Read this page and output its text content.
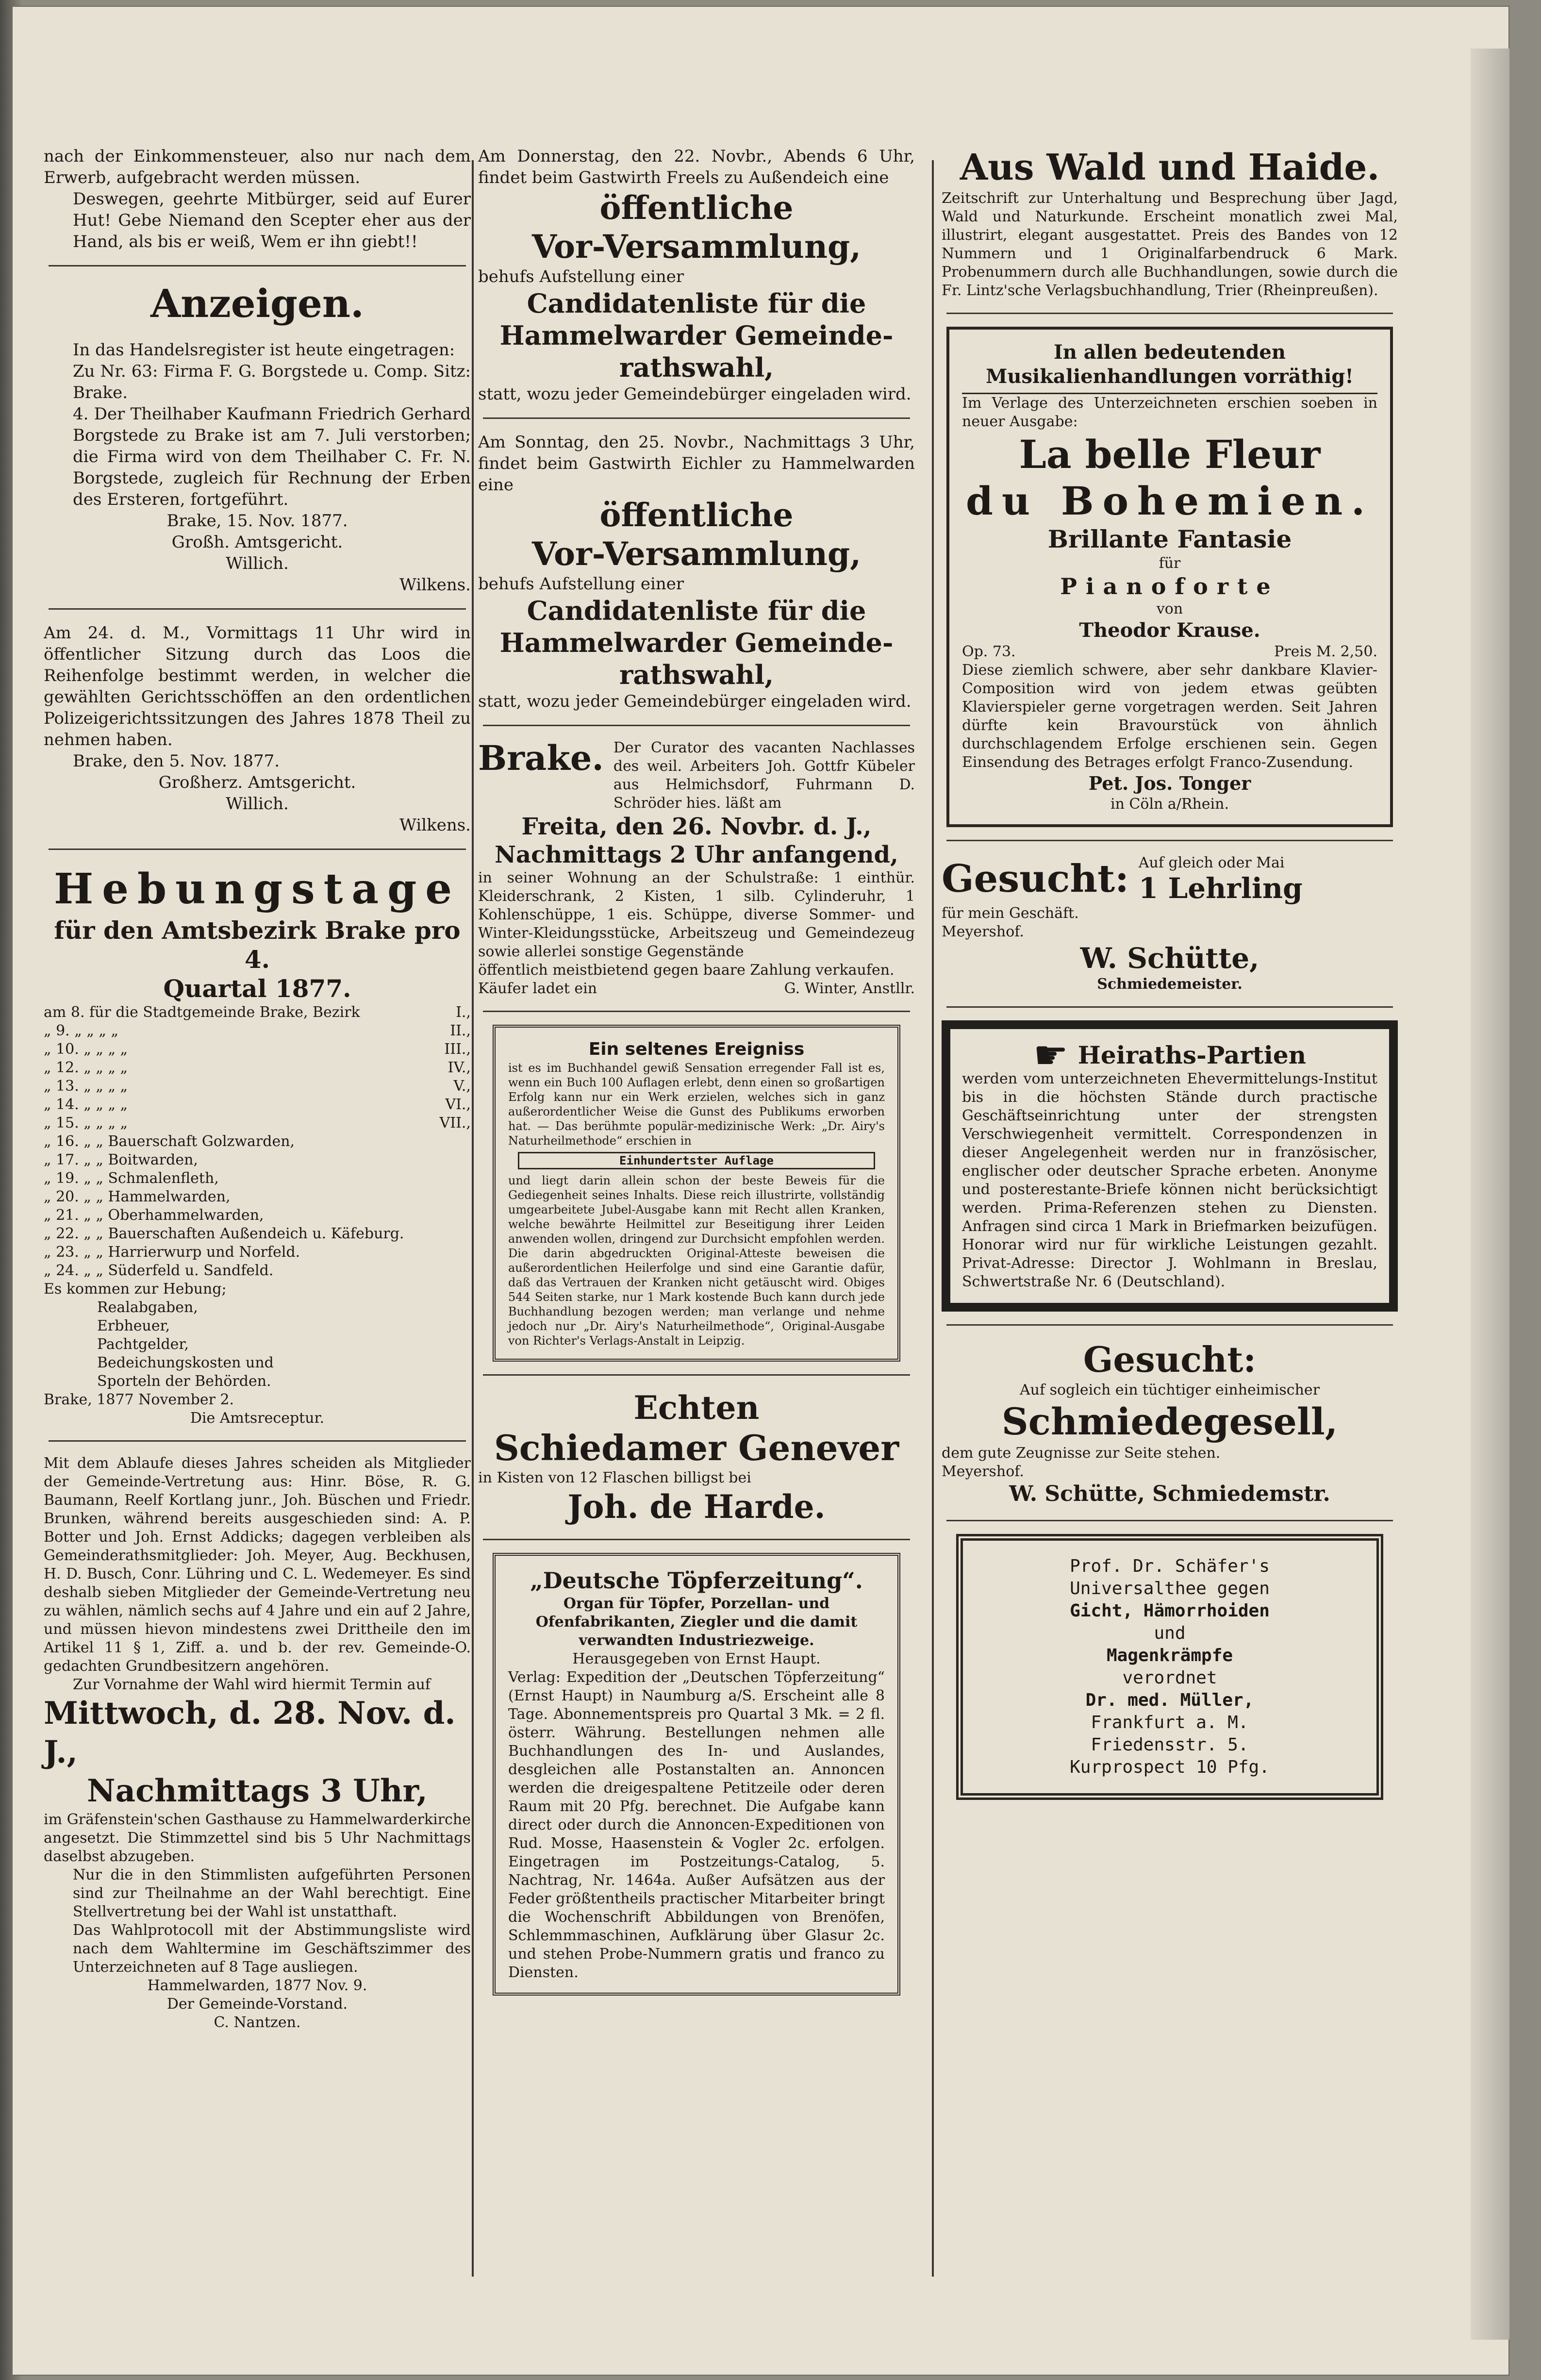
nach der Einkommensteuer, also nur nach dem Erwerb, aufgebracht werden müssen.

Deswegen, geehrte Mitbürger, seid auf Eurer Hut! Gebe Niemand den Scepter eher aus der Hand, als bis er weiß, Wem er ihn giebt!!

Anzeigen.

In das Handelsregister ist heute eingetragen:

Zu Nr. 63: Firma F. G. Borgstede u. Comp. Sitz: Brake.

4. Der Theilhaber Kaufmann Friedrich Gerhard Borgstede zu Brake ist am 7. Juli verstorben; die Firma wird von dem Theilhaber C. Fr. N. Borgstede, zugleich für Rechnung der Erben des Ersteren, fortgeführt.

Brake, 15. Nov. 1877.

Großh. Amtsgericht.

Willich.

Wilkens.

Am 24. d. M., Vormittags 11 Uhr wird in öffentlicher Sitzung durch das Loos die Reihenfolge bestimmt werden, in welcher die gewählten Gerichtsschöffen an den ordentlichen Polizeigerichtssitzungen des Jahres 1878 Theil zu nehmen haben.

Brake, den 5. Nov. 1877.

Großherz. Amtsgericht.

Willich.

Wilkens.

Hebungstage
für den Amtsbezirk Brake pro 4.
Quartal 1877.
am 8. für die Stadtgemeinde Brake, Bezirk	I.,
„ 9. „ „ „ „	II.,
„ 10. „ „ „ „	III.,
„ 12. „ „ „ „	IV.,
„ 13. „ „ „ „	V.,
„ 14. „ „ „ „	VI.,
„ 15. „ „ „ „	VII.,
„ 16. „ „ Bauerschaft Golzwarden,
„ 17. „ „ Boitwarden,
„ 19. „ „ Schmalenfleth,
„ 20. „ „ Hammelwarden,
„ 21. „ „ Oberhammelwarden,
„ 22. „ „ Bauerschaften Außendeich u. Käfeburg.
„ 23. „ „ Harrierwurp und Norfeld.
„ 24. „ „ Süderfeld u. Sandfeld.

Es kommen zur Hebung;

Realabgaben,
Erbheuer,
Pachtgelder,
Bedeichungskosten und
Sporteln der Behörden.

Brake, 1877 November 2.

Die Amtsreceptur.

Mit dem Ablaufe dieses Jahres scheiden als Mitglieder der Gemeinde-Vertretung aus: Hinr. Böse, R. G. Baumann, Reelf Kortlang junr., Joh. Büschen und Friedr. Brunken, während bereits ausgeschieden sind: A. P. Botter und Joh. Ernst Addicks; dagegen verbleiben als Gemeinderathsmitglieder: Joh. Meyer, Aug. Beckhusen, H. D. Busch, Conr. Lühring und C. L. Wedemeyer. Es sind deshalb sieben Mitglieder der Gemeinde-Vertretung neu zu wählen, nämlich sechs auf 4 Jahre und ein auf 2 Jahre, und müssen hievon mindestens zwei Drittheile den im Artikel 11 § 1, Ziff. a. und b. der rev. Gemeinde-O. gedachten Grundbesitzern angehören.

Zur Vornahme der Wahl wird hiermit Termin auf

Mittwoch, d. 28. Nov. d. J.,
Nachmittags 3 Uhr,

im Gräfenstein'schen Gasthause zu Hammelwarderkirche angesetzt. Die Stimmzettel sind bis 5 Uhr Nachmittags daselbst abzugeben.

Nur die in den Stimmlisten aufgeführten Personen sind zur Theilnahme an der Wahl berechtigt. Eine Stellvertretung bei der Wahl ist unstatthaft.

Das Wahlprotocoll mit der Abstimmungsliste wird nach dem Wahltermine im Geschäftszimmer des Unterzeichneten auf 8 Tage ausliegen.

Hammelwarden, 1877 Nov. 9.

Der Gemeinde-Vorstand.

C. Nantzen.

Am Donnerstag, den 22. Novbr., Abends 6 Uhr, findet beim Gastwirth Freels zu Außendeich eine

öffentliche
Vor-Versammlung,

behufs Aufstellung einer

Candidatenliste für die
Hammelwarder Gemeinde-
rathswahl,

statt, wozu jeder Gemeindebürger eingeladen wird.

Am Sonntag, den 25. Novbr., Nachmittags 3 Uhr, findet beim Gastwirth Eichler zu Hammelwarden eine

öffentliche
Vor-Versammlung,

behufs Aufstellung einer

Candidatenliste für die
Hammelwarder Gemeinde-
rathswahl,

statt, wozu jeder Gemeindebürger eingeladen wird.

Brake. Der Curator des vacanten Nachlasses des weil. Arbeiters Joh. Gottfr Kübeler aus Helmichsdorf, Fuhrmann D. Schröder hies. läßt am

Freita, den 26. Novbr. d. J.,
Nachmittags 2 Uhr anfangend,

in seiner Wohnung an der Schulstraße: 1 einthür. Kleiderschrank, 2 Kisten, 1 silb. Cylinderuhr, 1 Kohlenschüppe, 1 eis. Schüppe, diverse Sommer- und Winter-Kleidungsstücke, Arbeitszeug und Gemeindezeug sowie allerlei sonstige Gegenstände

öffentlich meistbietend gegen baare Zahlung verkaufen.

Käufer ladet ein	G. Winter, Anstllr.
Ein seltenes Ereigniss

ist es im Buchhandel gewiß Sensation erregender Fall ist es, wenn ein Buch 100 Auflagen erlebt, denn einen so großartigen Erfolg kann nur ein Werk erzielen, welches sich in ganz außerordentlicher Weise die Gunst des Publikums erworben hat. — Das berühmte populär-medizinische Werk: „Dr. Airy's Naturheilmethode“ erschien in

Einhundertster Auflage

und liegt darin allein schon der beste Beweis für die Gediegenheit seines Inhalts. Diese reich illustrirte, vollständig umgearbeitete Jubel-Ausgabe kann mit Recht allen Kranken, welche bewährte Heilmittel zur Beseitigung ihrer Leiden anwenden wollen, dringend zur Durchsicht empfohlen werden. Die darin abgedruckten Original-Atteste beweisen die außerordentlichen Heilerfolge und sind eine Garantie dafür, daß das Vertrauen der Kranken nicht getäuscht wird. Obiges 544 Seiten starke, nur 1 Mark kostende Buch kann durch jede Buchhandlung bezogen werden; man verlange und nehme jedoch nur „Dr. Airy's Naturheilmethode“, Original-Ausgabe von Richter's Verlags-Anstalt in Leipzig.

Echten
Schiedamer Genever

in Kisten von 12 Flaschen billigst bei

Joh. de Harde.
„Deutsche Töpferzeitung“.

Organ für Töpfer, Porzellan- und Ofenfabrikanten, Ziegler und die damit verwandten Industriezweige.

Herausgegeben von Ernst Haupt.

Verlag: Expedition der „Deutschen Töpferzeitung“ (Ernst Haupt) in Naumburg a/S. Erscheint alle 8 Tage. Abonnementspreis pro Quartal 3 Mk. = 2 fl. österr. Währung. Bestellungen nehmen alle Buchhandlungen des In- und Auslandes, desgleichen alle Postanstalten an. Annoncen werden die dreigespaltene Petitzeile oder deren Raum mit 20 Pfg. berechnet. Die Aufgabe kann direct oder durch die Annoncen-Expeditionen von Rud. Mosse, Haasenstein & Vogler 2c. erfolgen. Eingetragen im Postzeitungs-Catalog, 5. Nachtrag, Nr. 1464a. Außer Aufsätzen aus der Feder größtentheils practischer Mitarbeiter bringt die Wochenschrift Abbildungen von Brenöfen, Schlemmmaschinen, Aufklärung über Glasur 2c. und stehen Probe-Nummern gratis und franco zu Diensten.

Aus Wald und Haide.

Zeitschrift zur Unterhaltung und Besprechung über Jagd, Wald und Naturkunde. Erscheint monatlich zwei Mal, illustrirt, elegant ausgestattet. Preis des Bandes von 12 Nummern und 1 Originalfarbendruck 6 Mark. Probenummern durch alle Buchhandlungen, sowie durch die Fr. Lintz'sche Verlagsbuchhandlung, Trier (Rheinpreußen).

In allen bedeutenden Musikalienhandlungen vorräthig!

Im Verlage des Unterzeichneten erschien soeben in neuer Ausgabe:

La belle Fleur
du Bohemien.
Brillante Fantasie

für

Pianoforte

von

Theodor Krause.
Op. 73.	Preis M. 2,50.

Diese ziemlich schwere, aber sehr dankbare Klavier-Composition wird von jedem etwas geübten Klavierspieler gerne vorgetragen werden. Seit Jahren dürfte kein Bravourstück von ähnlich durchschlagendem Erfolge erschienen sein. Gegen Einsendung des Betrages erfolgt Franco-Zusendung.

Pet. Jos. Tonger

in Cöln a/Rhein.

Gesucht: Auf gleich oder Mai

1 Lehrling

für mein Geschäft.

Meyershof.

W. Schütte,

Schmiedemeister.

☛ Heiraths-Partien

werden vom unterzeichneten Ehevermittelungs-Institut bis in die höchsten Stände durch practische Geschäftseinrichtung unter der strengsten Verschwiegenheit vermittelt. Correspondenzen in dieser Angelegenheit werden nur in französischer, englischer oder deutscher Sprache erbeten. Anonyme und posterestante-Briefe können nicht berücksichtigt werden. Prima-Referenzen stehen zu Diensten. Anfragen sind circa 1 Mark in Briefmarken beizufügen. Honorar wird nur für wirkliche Leistungen gezahlt. Privat-Adresse: Director J. Wohlmann in Breslau, Schwertstraße Nr. 6 (Deutschland).

Gesucht:

Auf sogleich ein tüchtiger einheimischer

Schmiedegesell,

dem gute Zeugnisse zur Seite stehen.

Meyershof.

W. Schütte, Schmiedemstr.
Prof. Dr. Schäfer's
Universalthee gegen
Gicht, Hämorrhoiden
und
Magenkrämpfe
verordnet
Dr. med. Müller,
Frankfurt a. M.
Friedensstr. 5.
Kurprospect 10 Pfg.
